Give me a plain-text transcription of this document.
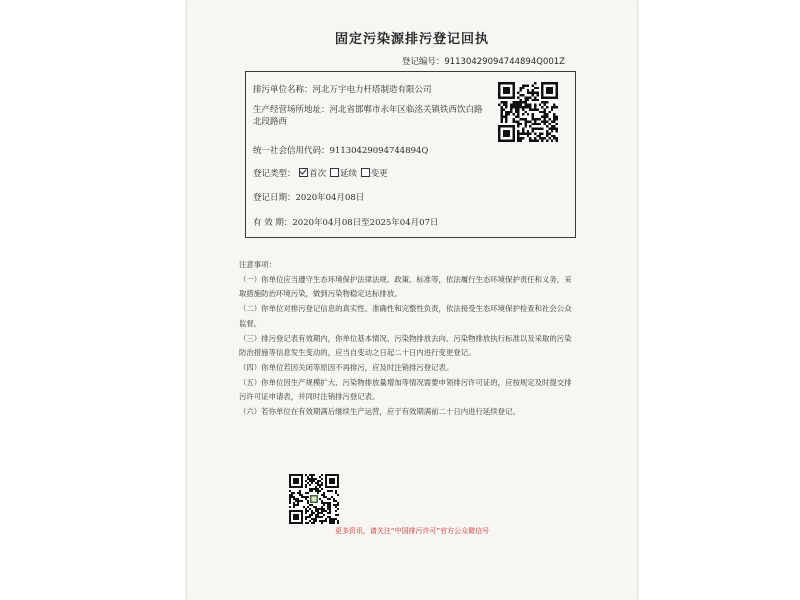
固定污染源排污登记回执
登记编号：91130429094744894Q001Z
排污单位名称：河北万宇电力杆塔制造有限公司
生产经营场所地址：河北省邯郸市永年区临洺关镇铁西饮白路北段路西
统一社会信用代码：91130429094744894Q
登记类型： 首次 延续 变更
登记日期：2020年04月08日
有 效 期：2020年04月08日至2025年04月07日

注意事项：

（一）你单位应当遵守生态环境保护法律法规、政策、标准等，依法履行生态环境保护责任和义务，采取措施防治环境污染，做到污染物稳定达标排放。

（二）你单位对排污登记信息的真实性、准确性和完整性负责，依法接受生态环境保护检查和社会公众监督。

（三）排污登记表有效期内，你单位基本情况、污染物排放去向、污染物排放执行标准以及采取的污染防治措施等信息发生变动的，应当自变动之日起二十日内进行变更登记。

（四）你单位若因关闭等原因不再排污，应及时注销排污登记表。

（五）你单位因生产规模扩大、污染物排放量增加等情况需要申领排污许可证的，应按规定及时提交排污许可证申请表，并同时注销排污登记表。

（六）若你单位在有效期满后继续生产运营，应于有效期满前二十日内进行延续登记。

更多资讯，请关注“中国排污许可”官方公众微信号
